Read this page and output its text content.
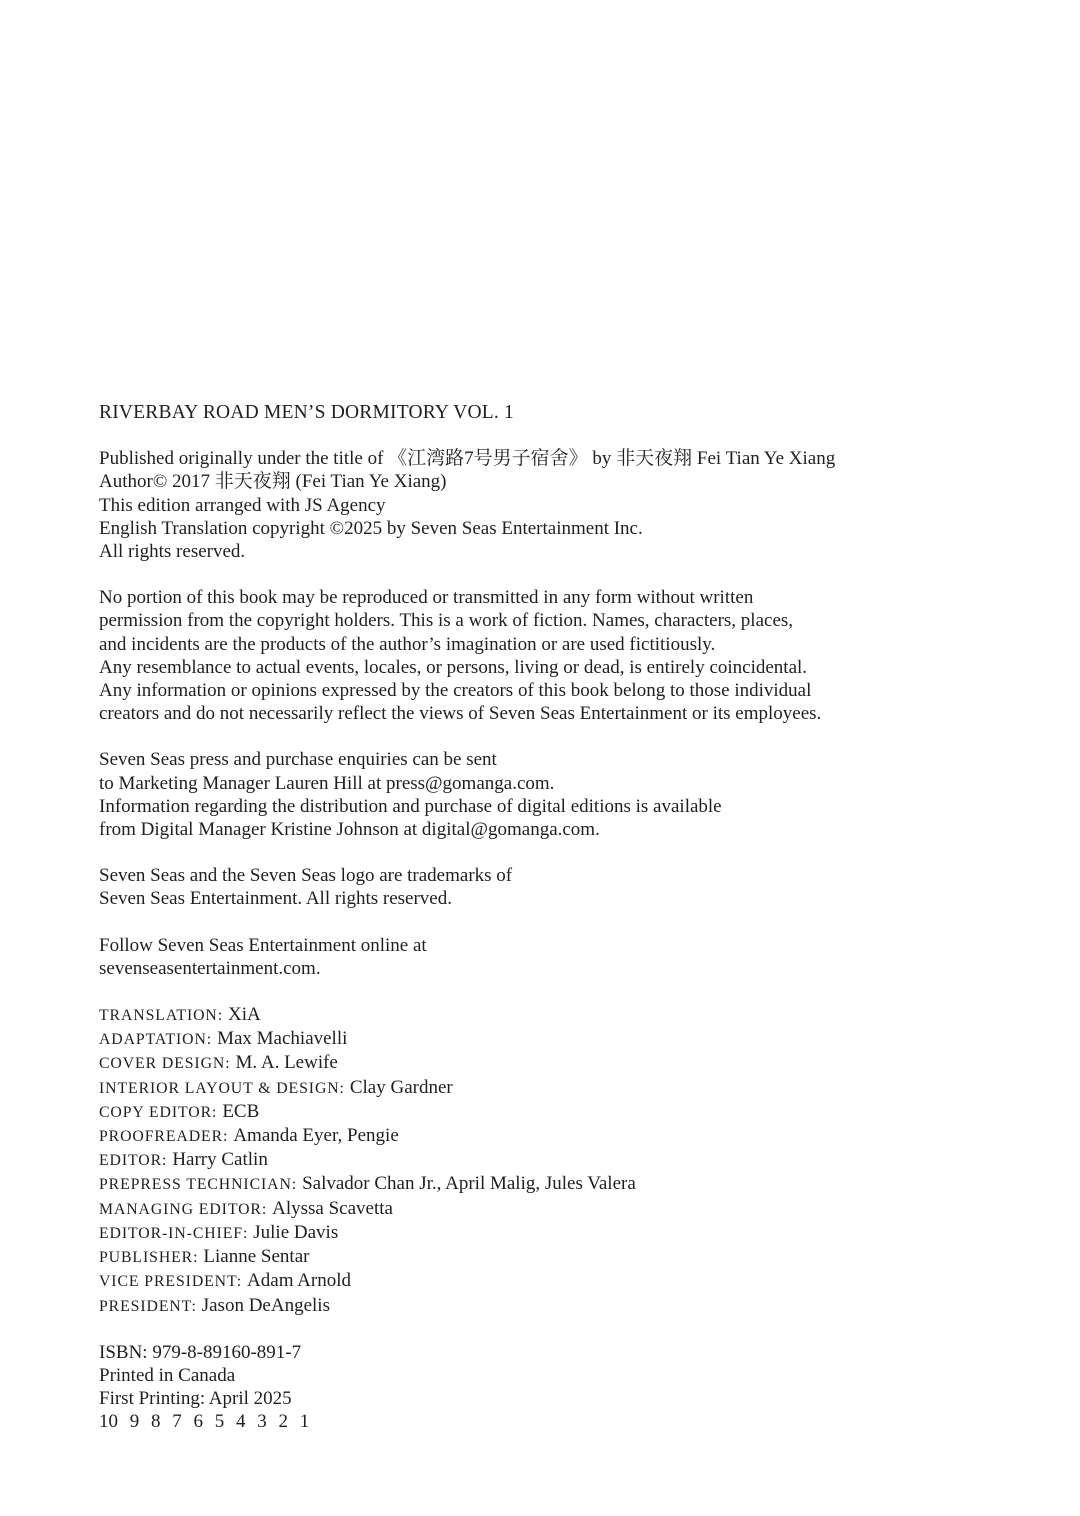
RIVERBAY ROAD MEN’S DORMITORY VOL. 1
Published originally under the title of 《江湾路7号男子宿舍》 by 非天夜翔 Fei Tian Ye Xiang
Author© 2017 非天夜翔 (Fei Tian Ye Xiang)
This edition arranged with JS Agency
English Translation copyright ©2025 by Seven Seas Entertainment Inc.
All rights reserved.
No portion of this book may be reproduced or transmitted in any form without written
permission from the copyright holders. This is a work of fiction. Names, characters, places,
and incidents are the products of the author’s imagination or are used fictitiously.
Any resemblance to actual events, locales, or persons, living or dead, is entirely coincidental.
Any information or opinions expressed by the creators of this book belong to those individual
creators and do not necessarily reflect the views of Seven Seas Entertainment or its employees.
Seven Seas press and purchase enquiries can be sent
to Marketing Manager Lauren Hill at press@gomanga.com.
Information regarding the distribution and purchase of digital editions is available
from Digital Manager Kristine Johnson at digital@gomanga.com.
Seven Seas and the Seven Seas logo are trademarks of
Seven Seas Entertainment. All rights reserved.
Follow Seven Seas Entertainment online at
sevenseasentertainment.com.
TRANSLATION: XiA
ADAPTATION: Max Machiavelli
COVER DESIGN: M. A. Lewife
INTERIOR LAYOUT & DESIGN: Clay Gardner
COPY EDITOR: ECB
PROOFREADER: Amanda Eyer, Pengie
EDITOR: Harry Catlin
PREPRESS TECHNICIAN: Salvador Chan Jr., April Malig, Jules Valera
MANAGING EDITOR: Alyssa Scavetta
EDITOR-IN-CHIEF: Julie Davis
PUBLISHER: Lianne Sentar
VICE PRESIDENT: Adam Arnold
PRESIDENT: Jason DeAngelis
ISBN: 979-8-89160-891-7
Printed in Canada
First Printing: April 2025
10 9 8 7 6 5 4 3 2 1
